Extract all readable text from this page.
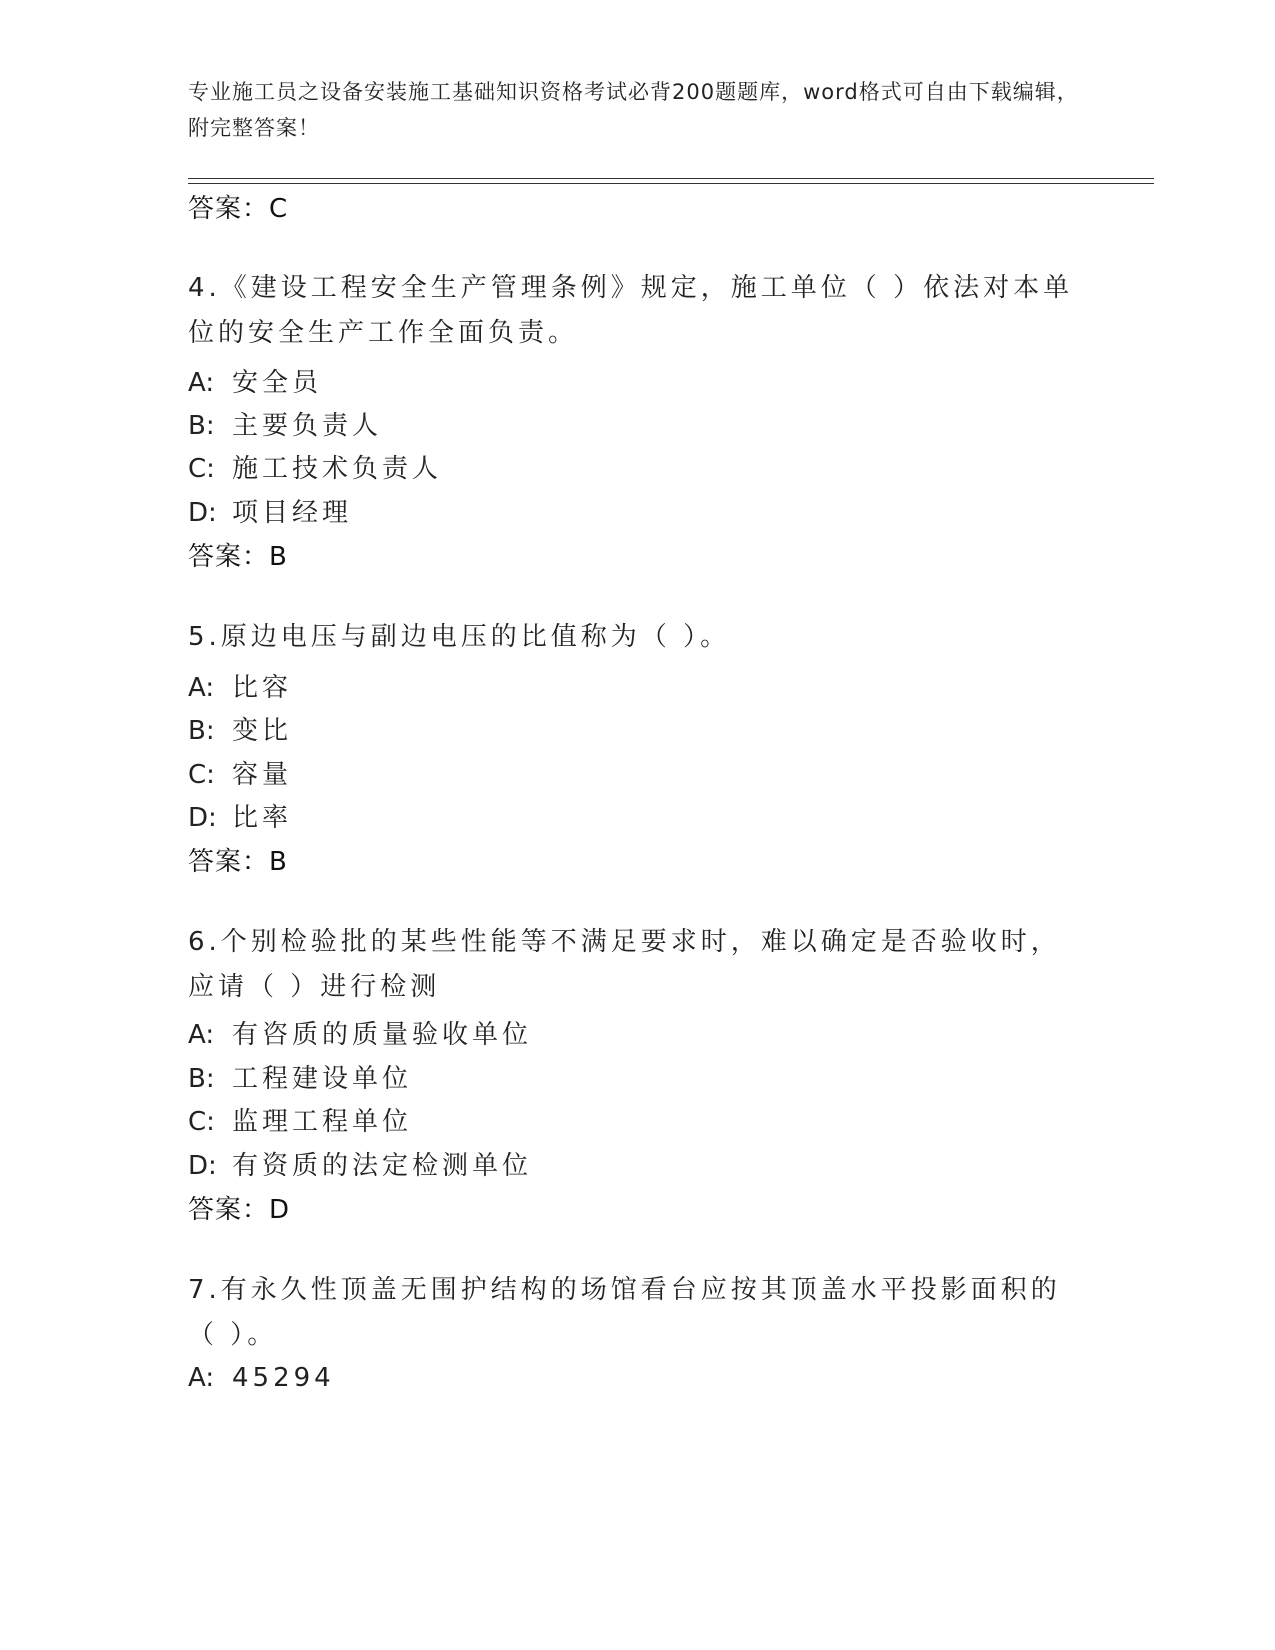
专业施工员之设备安装施工基础知识资格考试必背200题题库，word格式可自由下载编辑，附完整答案！
答案：C
4.《建设工程安全生产管理条例》规定，施工单位（ ）依法对本单位的安全生产工作全面负责。
A: 安全员
B: 主要负责人
C: 施工技术负责人
D: 项目经理
答案：B
5.原边电压与副边电压的比值称为（ ）。
A: 比容
B: 变比
C: 容量
D: 比率
答案：B
6.个别检验批的某些性能等不满足要求时，难以确定是否验收时，应请（ ）进行检测
A: 有咨质的质量验收单位
B: 工程建设单位
C: 监理工程单位
D: 有资质的法定检测单位
答案：D
7.有永久性顶盖无围护结构的场馆看台应按其顶盖水平投影面积的（ ）。
A: 45294
